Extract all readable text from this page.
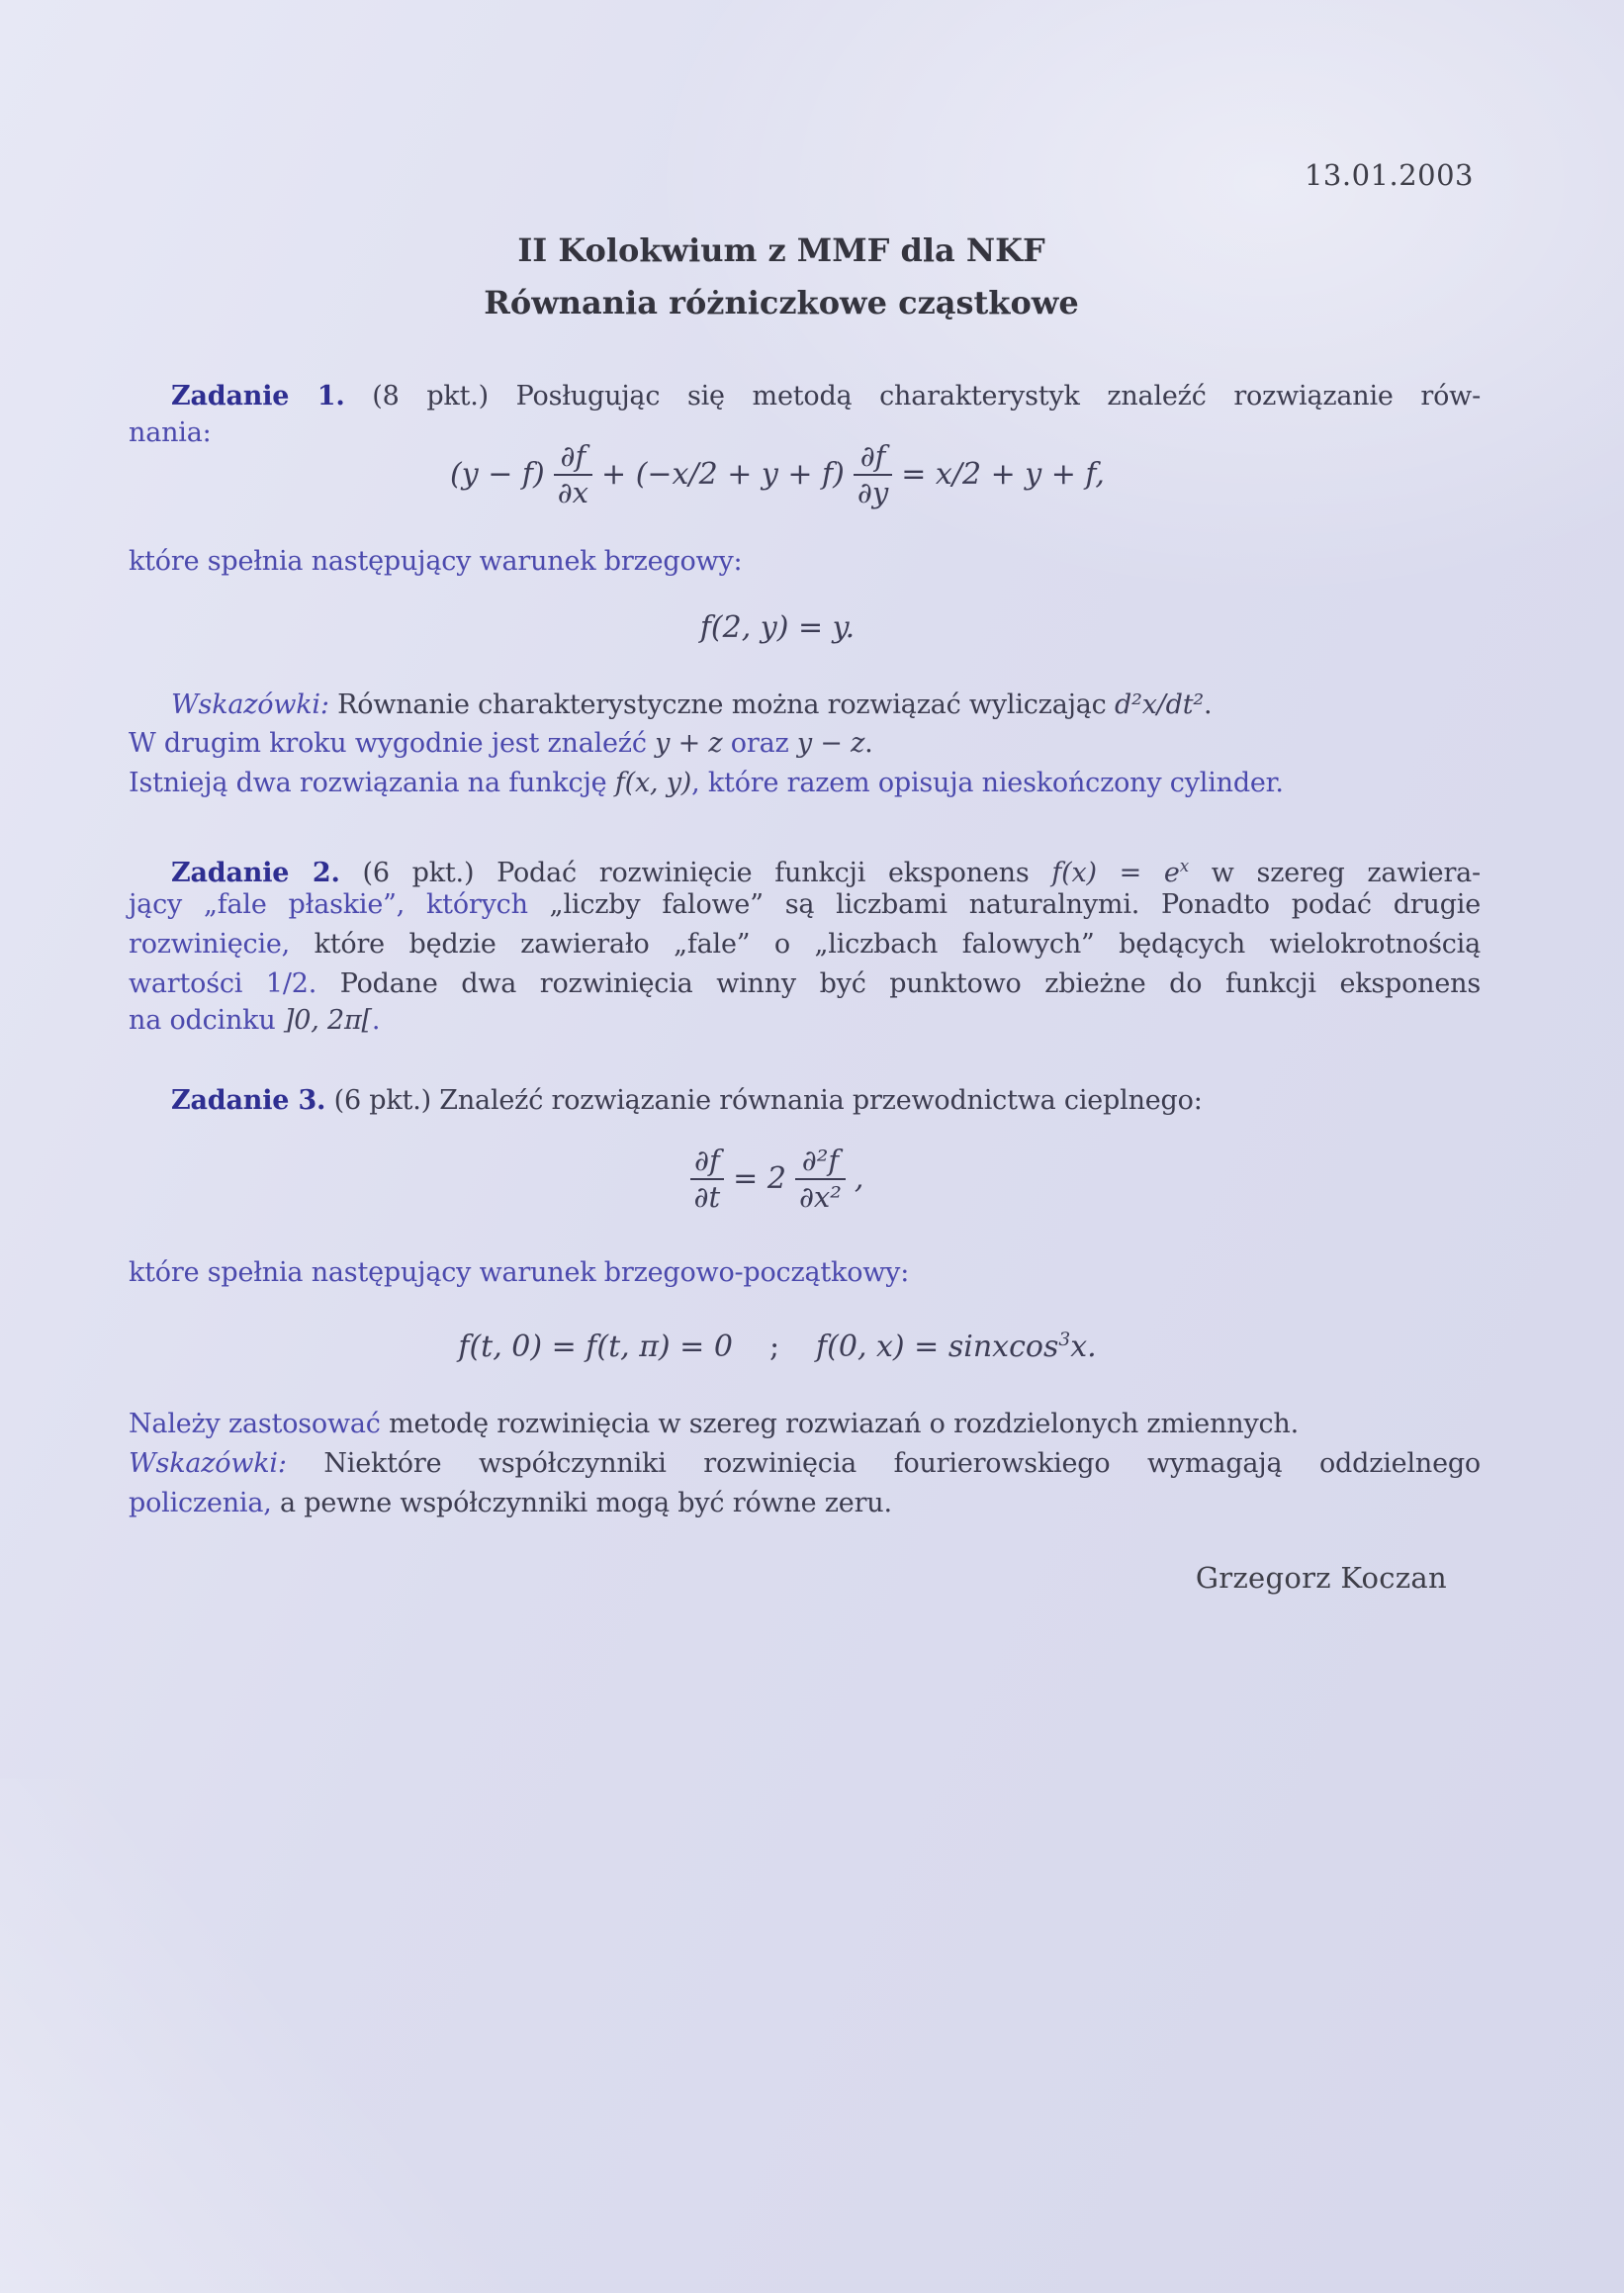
13.01.2003
II Kolokwium z MMF dla NKF
Równania różniczkowe cząstkowe
Zadanie 1. (8 pkt.) Posługując się metodą charakterystyk znaleźć rozwiązanie rów-
nania:
$(y - f) \frac{\partial f}{\partial x} + (-x/2 + y + f) \frac{\partial f}{\partial y} = x/2 + y + f$,
które spełnia następujący warunek brzegowy:
f(2, y) = y.
Wskazówki: Równanie charakterystyczne można rozwiązać wyliczając d²x/dt².
W drugim kroku wygodnie jest znaleźć y + z oraz y − z.
Istnieją dwa rozwiązania na funkcję f(x, y), które razem opisuja nieskończony cylinder.
Zadanie 2. (6 pkt.) Podać rozwinięcie funkcji eksponens $f(x) = e^x$ w szereg zawiera-
jący „fale płaskie”, których „liczby falowe” są liczbami naturalnymi. Ponadto podać drugie
rozwinięcie, które będzie zawierało „fale” o „liczbach falowych” będących wielokrotnością
wartości 1/2. Podane dwa rozwinięcia winny być punktowo zbieżne do funkcji eksponens
na odcinku ]0, 2π[.
Zadanie 3. (6 pkt.) Znaleźć rozwiązanie równania przewodnictwa cieplnego:
$\frac{\partial f}{\partial t} = 2 \frac{\text{∂²f}}{\text{∂x²}}$ ,
które spełnia następujący warunek brzegowo-początkowy:
f(t, 0) = f(t, π) = 0 ; f(0, x) = sinxcos$^3$x.
Należy zastosować metodę rozwinięcia w szereg rozwiazań o rozdzielonych zmiennych.
Wskazówki: Niektóre współczynniki rozwinięcia fourierowskiego wymagają oddzielnego
policzenia, a pewne współczynniki mogą być równe zeru.
Grzegorz Koczan
